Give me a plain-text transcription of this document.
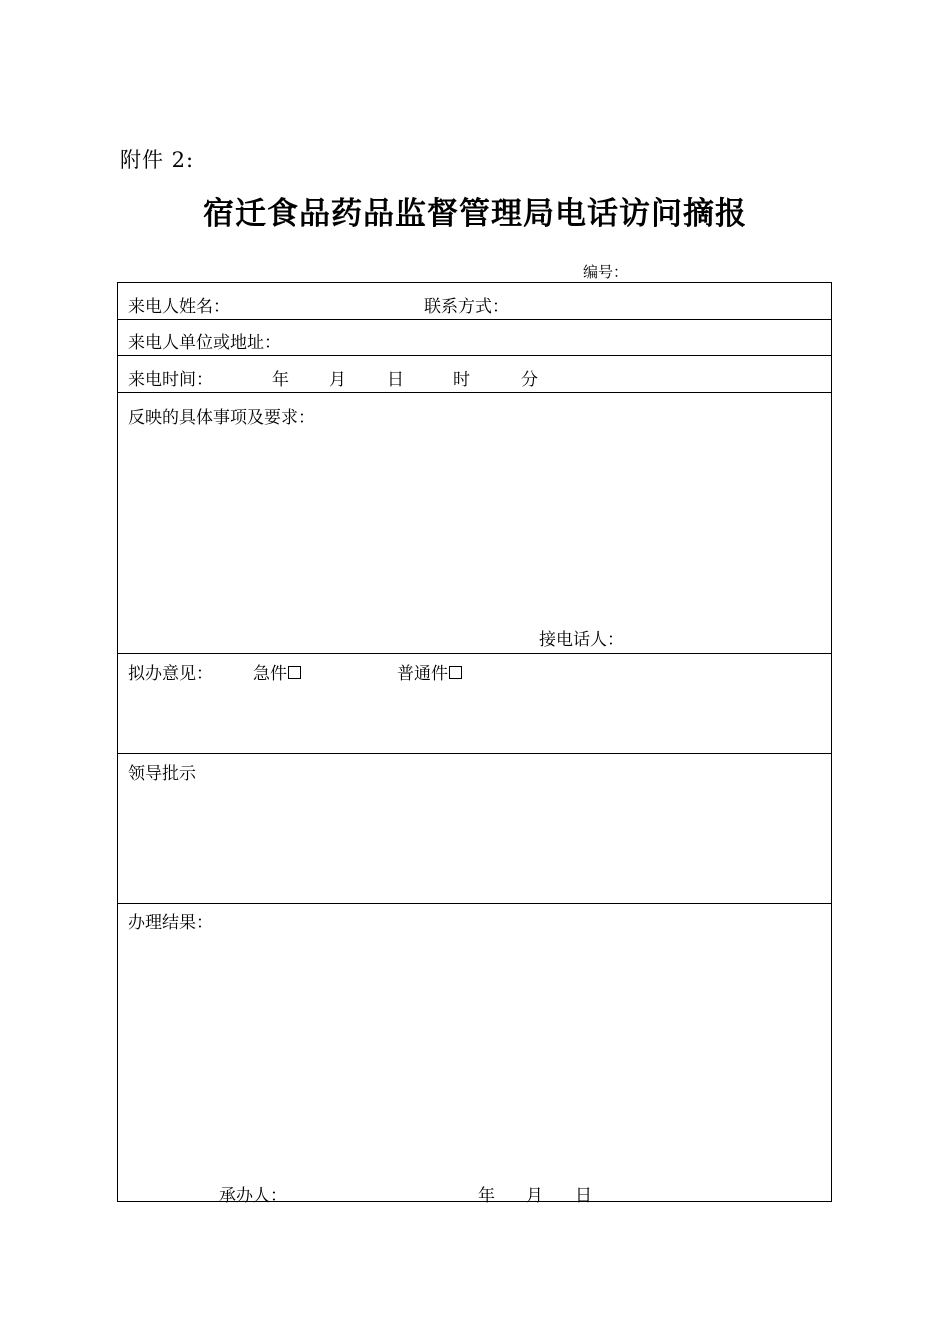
附件 2:
宿迁食品药品监督管理局电话访问摘报
编号：
来电人姓名：	联系方式：
来电人单位或地址：
来电时间：	年 月 日	时	分
反映的具体事项及要求：
接电话人：
拟办意见： 急件	普通件
领导批示
办理结果：
承办人：	年 月 日
